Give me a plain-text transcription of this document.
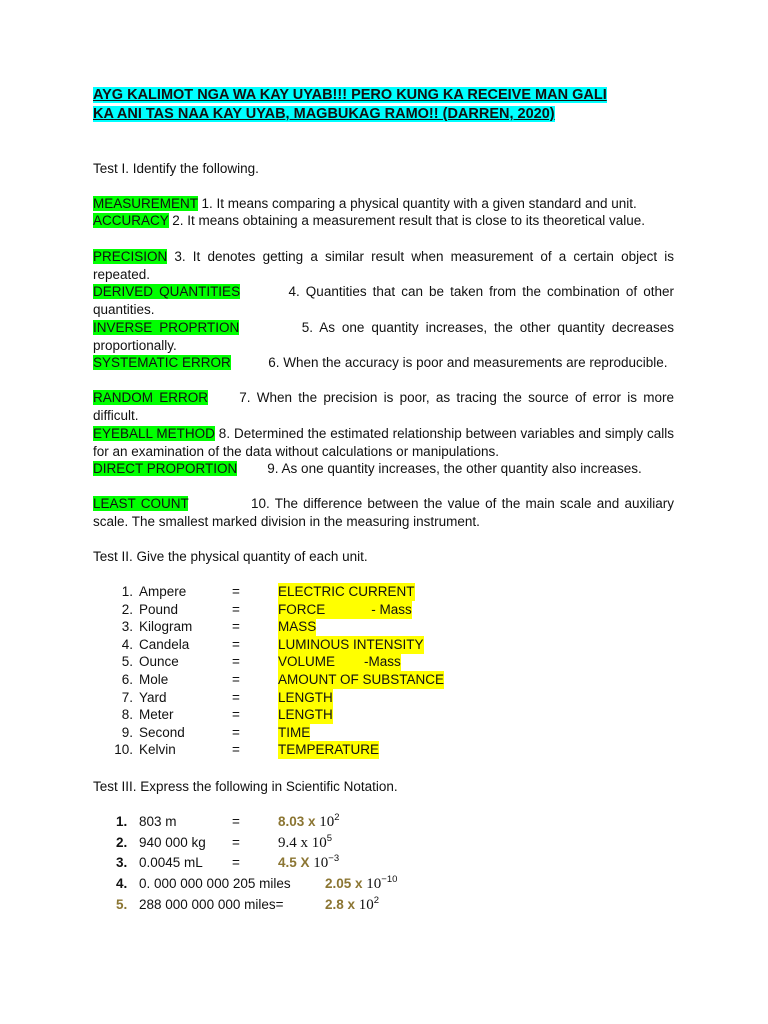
AYG KALIMOT NGA WA KAY UYAB!!! PERO KUNG KA RECEIVE MAN GALI
KA ANI TAS NAA KAY UYAB, MAGBUKAG RAMO!! (DARREN, 2020)
Test I. Identify the following.
MEASUREMENT 1. It means comparing a physical quantity with a given standard and unit.
ACCURACY 2. It means obtaining a measurement result that is close to its theoretical value.
PRECISION 3. It denotes getting a similar result when measurement of a certain object is repeated.
DERIVED QUANTITIES        4. Quantities that can be taken from the combination of other quantities.
INVERSE PROPRTION         5. As one quantity increases, the other quantity decreases proportionally.
SYSTEMATIC ERROR          6. When the accuracy is poor and measurements are reproducible.
RANDOM ERROR     7. When the precision is poor, as tracing the source of error is more difficult.
EYEBALL METHOD 8. Determined the estimated relationship between variables and simply calls for an examination of the data without calculations or manipulations.
DIRECT PROPORTION        9. As one quantity increases, the other quantity also increases.
LEAST COUNT            10. The difference between the value of the main scale and auxiliary scale. The smallest marked division in the measuring instrument.
Test II. Give the physical quantity of each unit.
1. Ampere	=	ELECTRIC CURRENT
2. Pound	=	FORCE	- Mass
3. Kilogram	=	MASS
4. Candela	=	LUMINOUS INTENSITY
5. Ounce	=	VOLUME -Mass
6. Mole	=	AMOUNT OF SUBSTANCE
7. Yard	=	LENGTH
8. Meter	=	LENGTH
9. Second	=	TIME
10. Kelvin	=	TEMPERATURE
Test III. Express the following in Scientific Notation.
1. 803 m	=	8.03 x $10^2$
2. 940 000 kg =	9.4 x $10^5$
3. 0.0045 mL =	4.5 X $10^{-3}$
4. 0. 000 000 000 205 miles	2.05 x $10^{-10}$
5. 288 000 000 000 miles=	2.8 x $10^2$
